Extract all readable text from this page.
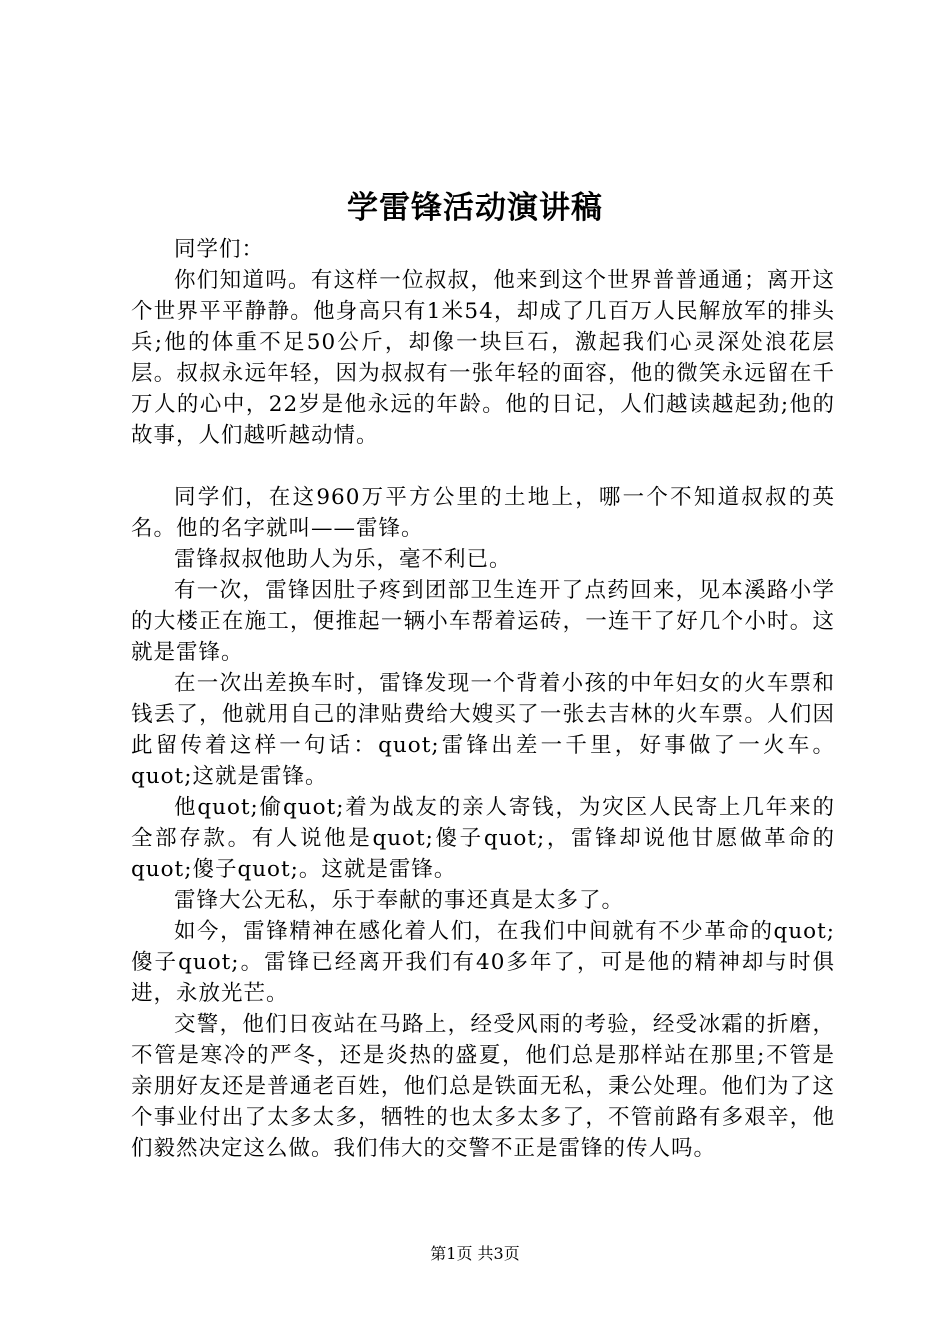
学雷锋活动演讲稿

同学们：

你们知道吗。有这样一位叔叔，他来到这个世界普普通通；离开这个世界平平静静。他身高只有1米54，却成了几百万人民解放军的排头兵;他的体重不足50公斤，却像一块巨石，激起我们心灵深处浪花层层。叔叔永远年轻，因为叔叔有一张年轻的面容，他的微笑永远留在千万人的心中，22岁是他永远的年龄。他的日记，人们越读越起劲;他的故事，人们越听越动情。

同学们，在这960万平方公里的土地上，哪一个不知道叔叔的英名。他的名字就叫——雷锋。

雷锋叔叔他助人为乐，毫不利已。

有一次，雷锋因肚子疼到团部卫生连开了点药回来，见本溪路小学的大楼正在施工，便推起一辆小车帮着运砖，一连干了好几个小时。这就是雷锋。

在一次出差换车时，雷锋发现一个背着小孩的中年妇女的火车票和钱丢了，他就用自己的津贴费给大嫂买了一张去吉林的火车票。人们因此留传着这样一句话：quot;雷锋出差一千里，好事做了一火车。quot;这就是雷锋。

他quot;偷quot;着为战友的亲人寄钱，为灾区人民寄上几年来的全部存款。有人说他是quot;傻子quot;，雷锋却说他甘愿做革命的quot;傻子quot;。这就是雷锋。

雷锋大公无私，乐于奉献的事还真是太多了。

如今，雷锋精神在感化着人们，在我们中间就有不少革命的quot;傻子quot;。雷锋已经离开我们有40多年了，可是他的精神却与时俱进，永放光芒。

交警，他们日夜站在马路上，经受风雨的考验，经受冰霜的折磨，不管是寒冷的严冬，还是炎热的盛夏，他们总是那样站在那里;不管是亲朋好友还是普通老百姓，他们总是铁面无私，秉公处理。他们为了这个事业付出了太多太多，牺牲的也太多太多了，不管前路有多艰辛，他们毅然决定这么做。我们伟大的交警不正是雷锋的传人吗。

第1页 共3页
